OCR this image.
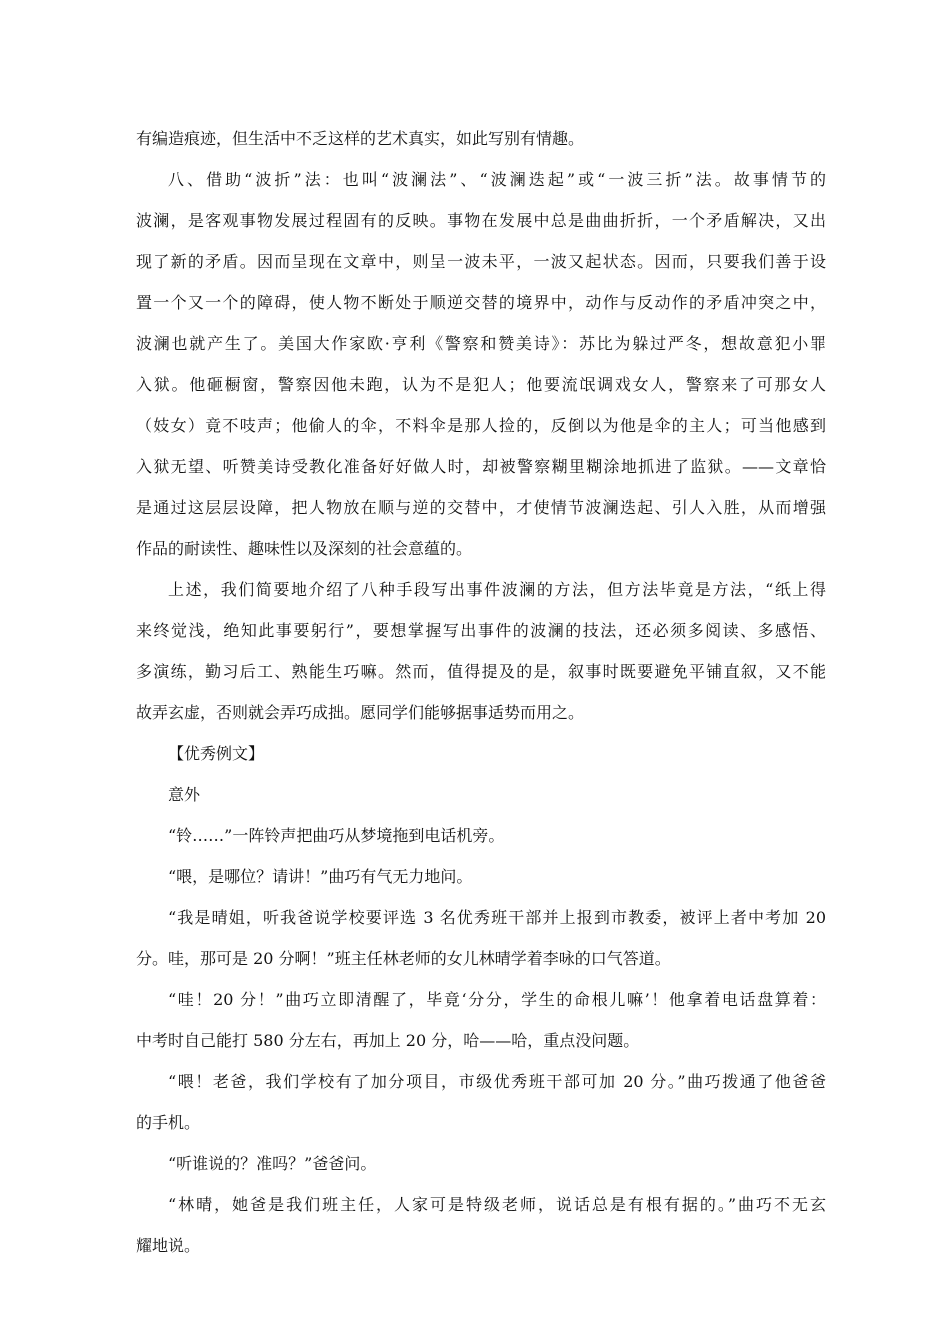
有编造痕迹，但生活中不乏这样的艺术真实，如此写别有情趣。
八、借助“波折”法：也叫“波澜法”、“波澜迭起”或“一波三折”法。故事情节的
波澜，是客观事物发展过程固有的反映。事物在发展中总是曲曲折折，一个矛盾解决，又出
现了新的矛盾。因而呈现在文章中，则呈一波未平，一波又起状态。因而，只要我们善于设
置一个又一个的障碍，使人物不断处于顺逆交替的境界中，动作与反动作的矛盾冲突之中，
波澜也就产生了。美国大作家欧·亨利《警察和赞美诗》：苏比为躲过严冬，想故意犯小罪
入狱。他砸橱窗，警察因他未跑，认为不是犯人；他要流氓调戏女人，警察来了可那女人
（妓女）竟不吱声；他偷人的伞，不料伞是那人捡的，反倒以为他是伞的主人；可当他感到
入狱无望、听赞美诗受教化准备好好做人时，却被警察糊里糊涂地抓进了监狱。——文章恰
是通过这层层设障，把人物放在顺与逆的交替中，才使情节波澜迭起、引人入胜，从而增强
作品的耐读性、趣味性以及深刻的社会意蕴的。
上述，我们简要地介绍了八种手段写出事件波澜的方法，但方法毕竟是方法，“纸上得
来终觉浅，绝知此事要躬行”，要想掌握写出事件的波澜的技法，还必须多阅读、多感悟、
多演练，勤习后工、熟能生巧嘛。然而，值得提及的是，叙事时既要避免平铺直叙，又不能
故弄玄虚，否则就会弄巧成拙。愿同学们能够据事适势而用之。
【优秀例文】
意外
“铃……”一阵铃声把曲巧从梦境拖到电话机旁。
“喂，是哪位？请讲！”曲巧有气无力地问。
“我是晴姐，听我爸说学校要评选 3 名优秀班干部并上报到市教委，被评上者中考加 20
分。哇，那可是 20 分啊！”班主任林老师的女儿林晴学着李咏的口气答道。
“哇！20 分！”曲巧立即清醒了，毕竟‘分分，学生的命根儿嘛’！他拿着电话盘算着：
中考时自己能打 580 分左右，再加上 20 分，哈——哈，重点没问题。
“喂！老爸，我们学校有了加分项目，市级优秀班干部可加 20 分。”曲巧拨通了他爸爸
的手机。
“听谁说的？准吗？”爸爸问。
“林晴，她爸是我们班主任，人家可是特级老师，说话总是有根有据的。”曲巧不无玄
耀地说。
